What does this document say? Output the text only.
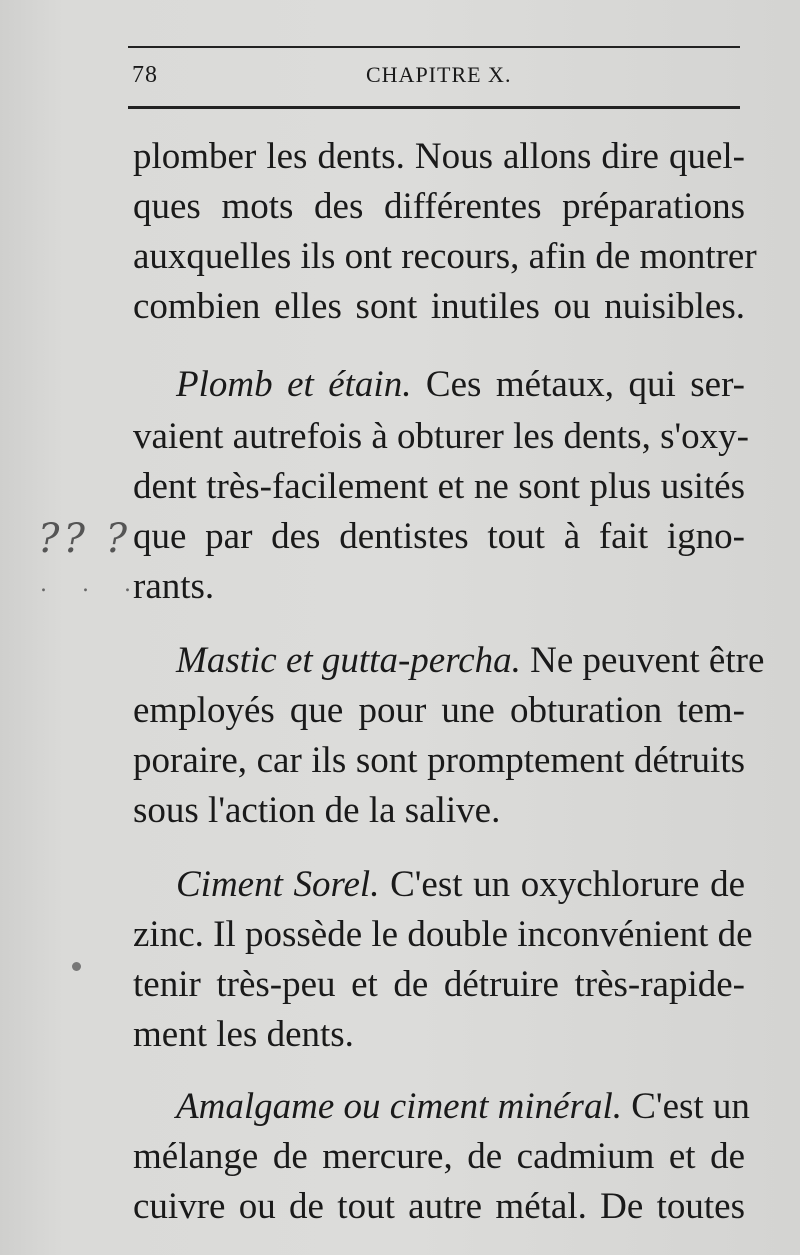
78	CHAPITRE X.
plomber les dents. Nous allons dire quel-
ques mots des différentes préparations
auxquelles ils ont recours, afin de montrer
combien elles sont inutiles ou nuisibles.
Plomb et étain. Ces métaux, qui ser-
vaient autrefois à obturer les dents, s'oxy-
dent très-facilement et ne sont plus usités
que par des dentistes tout à fait igno-
rants.
?? ?
. . .
Mastic et gutta-percha. Ne peuvent être
employés que pour une obturation tem-
poraire, car ils sont promptement détruits
sous l'action de la salive.
Ciment Sorel. C'est un oxychlorure de
zinc. Il possède le double inconvénient de
tenir très-peu et de détruire très-rapide-
ment les dents.
Amalgame ou ciment minéral. C'est un
mélange de mercure, de cadmium et de
cuivre ou de tout autre métal. De toutes
